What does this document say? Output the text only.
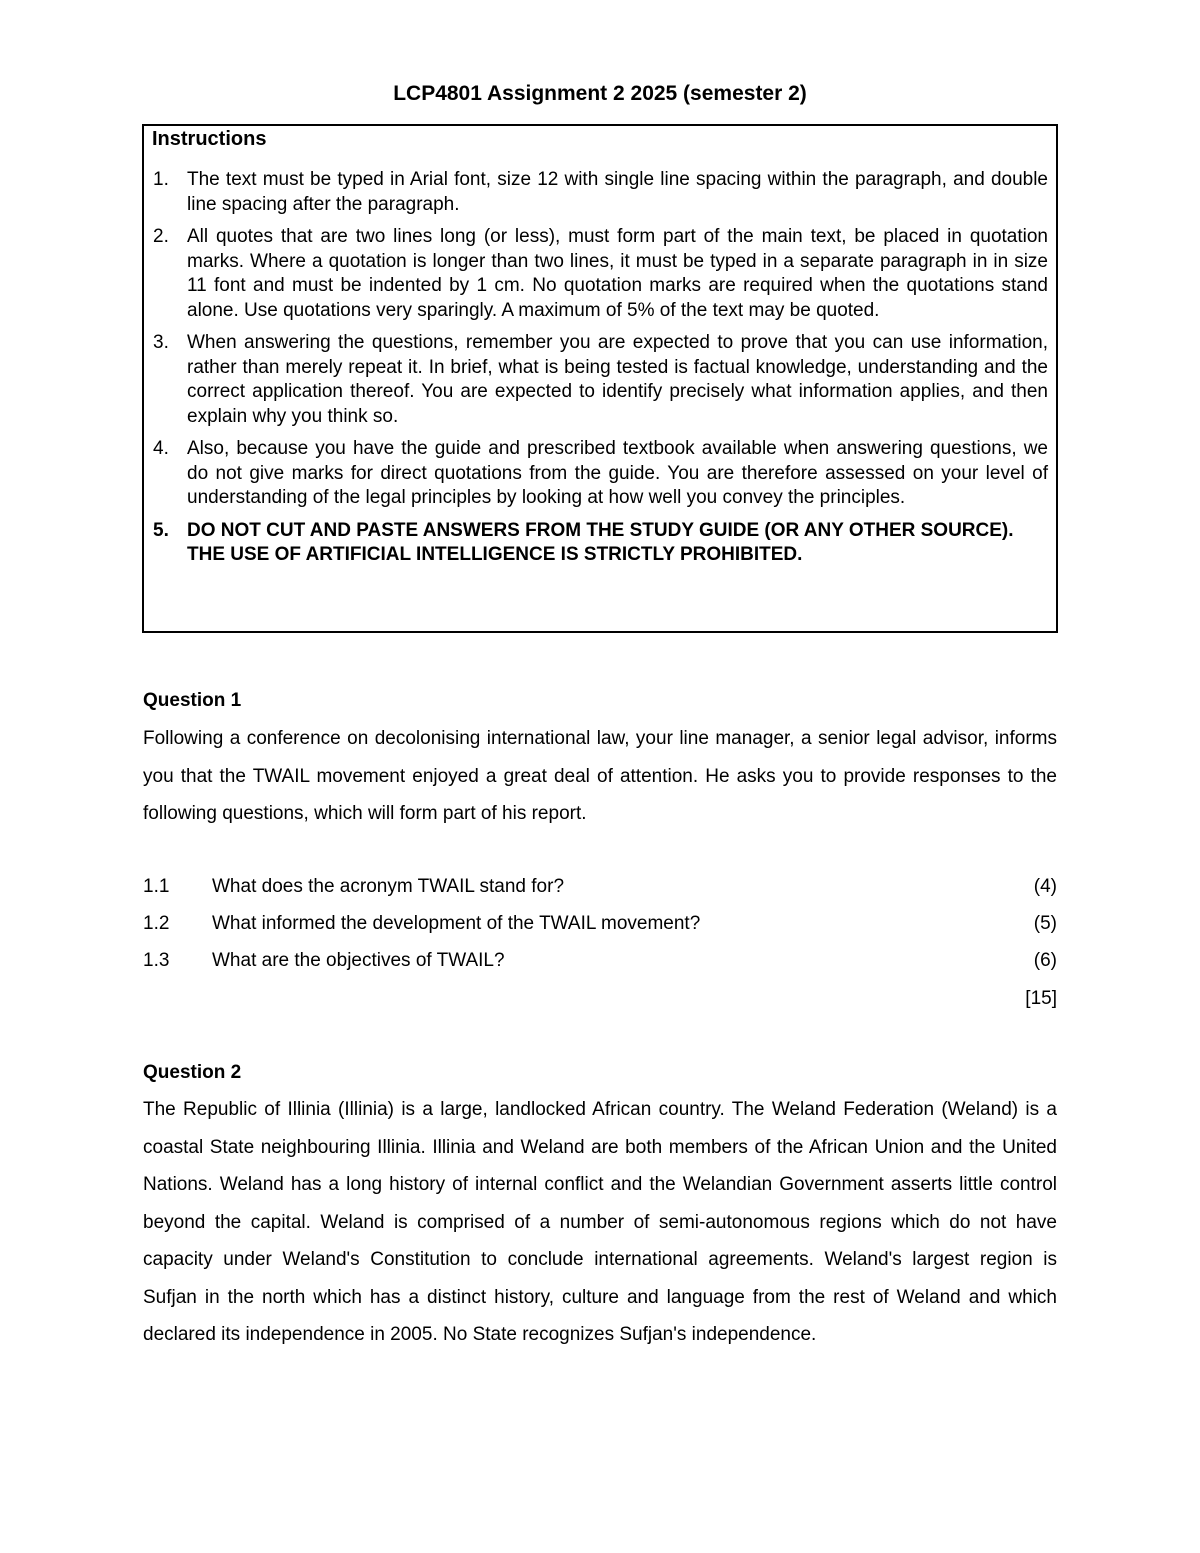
LCP4801 Assignment 2 2025 (semester 2)
Instructions
1. The text must be typed in Arial font, size 12 with single line spacing within the paragraph, and double line spacing after the paragraph.
2. All quotes that are two lines long (or less), must form part of the main text, be placed in quotation marks. Where a quotation is longer than two lines, it must be typed in a separate paragraph in in size 11 font and must be indented by 1 cm. No quotation marks are required when the quotations stand alone. Use quotations very sparingly. A maximum of 5% of the text may be quoted.
3. When answering the questions, remember you are expected to prove that you can use information, rather than merely repeat it. In brief, what is being tested is factual knowledge, understanding and the correct application thereof. You are expected to identify precisely what information applies, and then explain why you think so.
4. Also, because you have the guide and prescribed textbook available when answering questions, we do not give marks for direct quotations from the guide. You are therefore assessed on your level of understanding of the legal principles by looking at how well you convey the principles.
5. DO NOT CUT AND PASTE ANSWERS FROM THE STUDY GUIDE (OR ANY OTHER SOURCE). THE USE OF ARTIFICIAL INTELLIGENCE IS STRICTLY PROHIBITED.
Question 1

Following a conference on decolonising international law, your line manager, a senior legal advisor, informs you that the TWAIL movement enjoyed a great deal of attention. He asks you to provide responses to the following questions, which will form part of his report.

1.1 What does the acronym TWAIL stand for?	(4)
1.2 What informed the development of the TWAIL movement?	(5)
1.3 What are the objectives of TWAIL?	(6)
[15]
Question 2

The Republic of Illinia (Illinia) is a large, landlocked African country. The Weland Federation (Weland) is a coastal State neighbouring Illinia. Illinia and Weland are both members of the African Union and the United Nations. Weland has a long history of internal conflict and the Welandian Government asserts little control beyond the capital. Weland is comprised of a number of semi-autonomous regions which do not have capacity under Weland's Constitution to conclude international agreements. Weland's largest region is Sufjan in the north which has a distinct history, culture and language from the rest of Weland and which declared its independence in 2005. No State recognizes Sufjan's independence.
